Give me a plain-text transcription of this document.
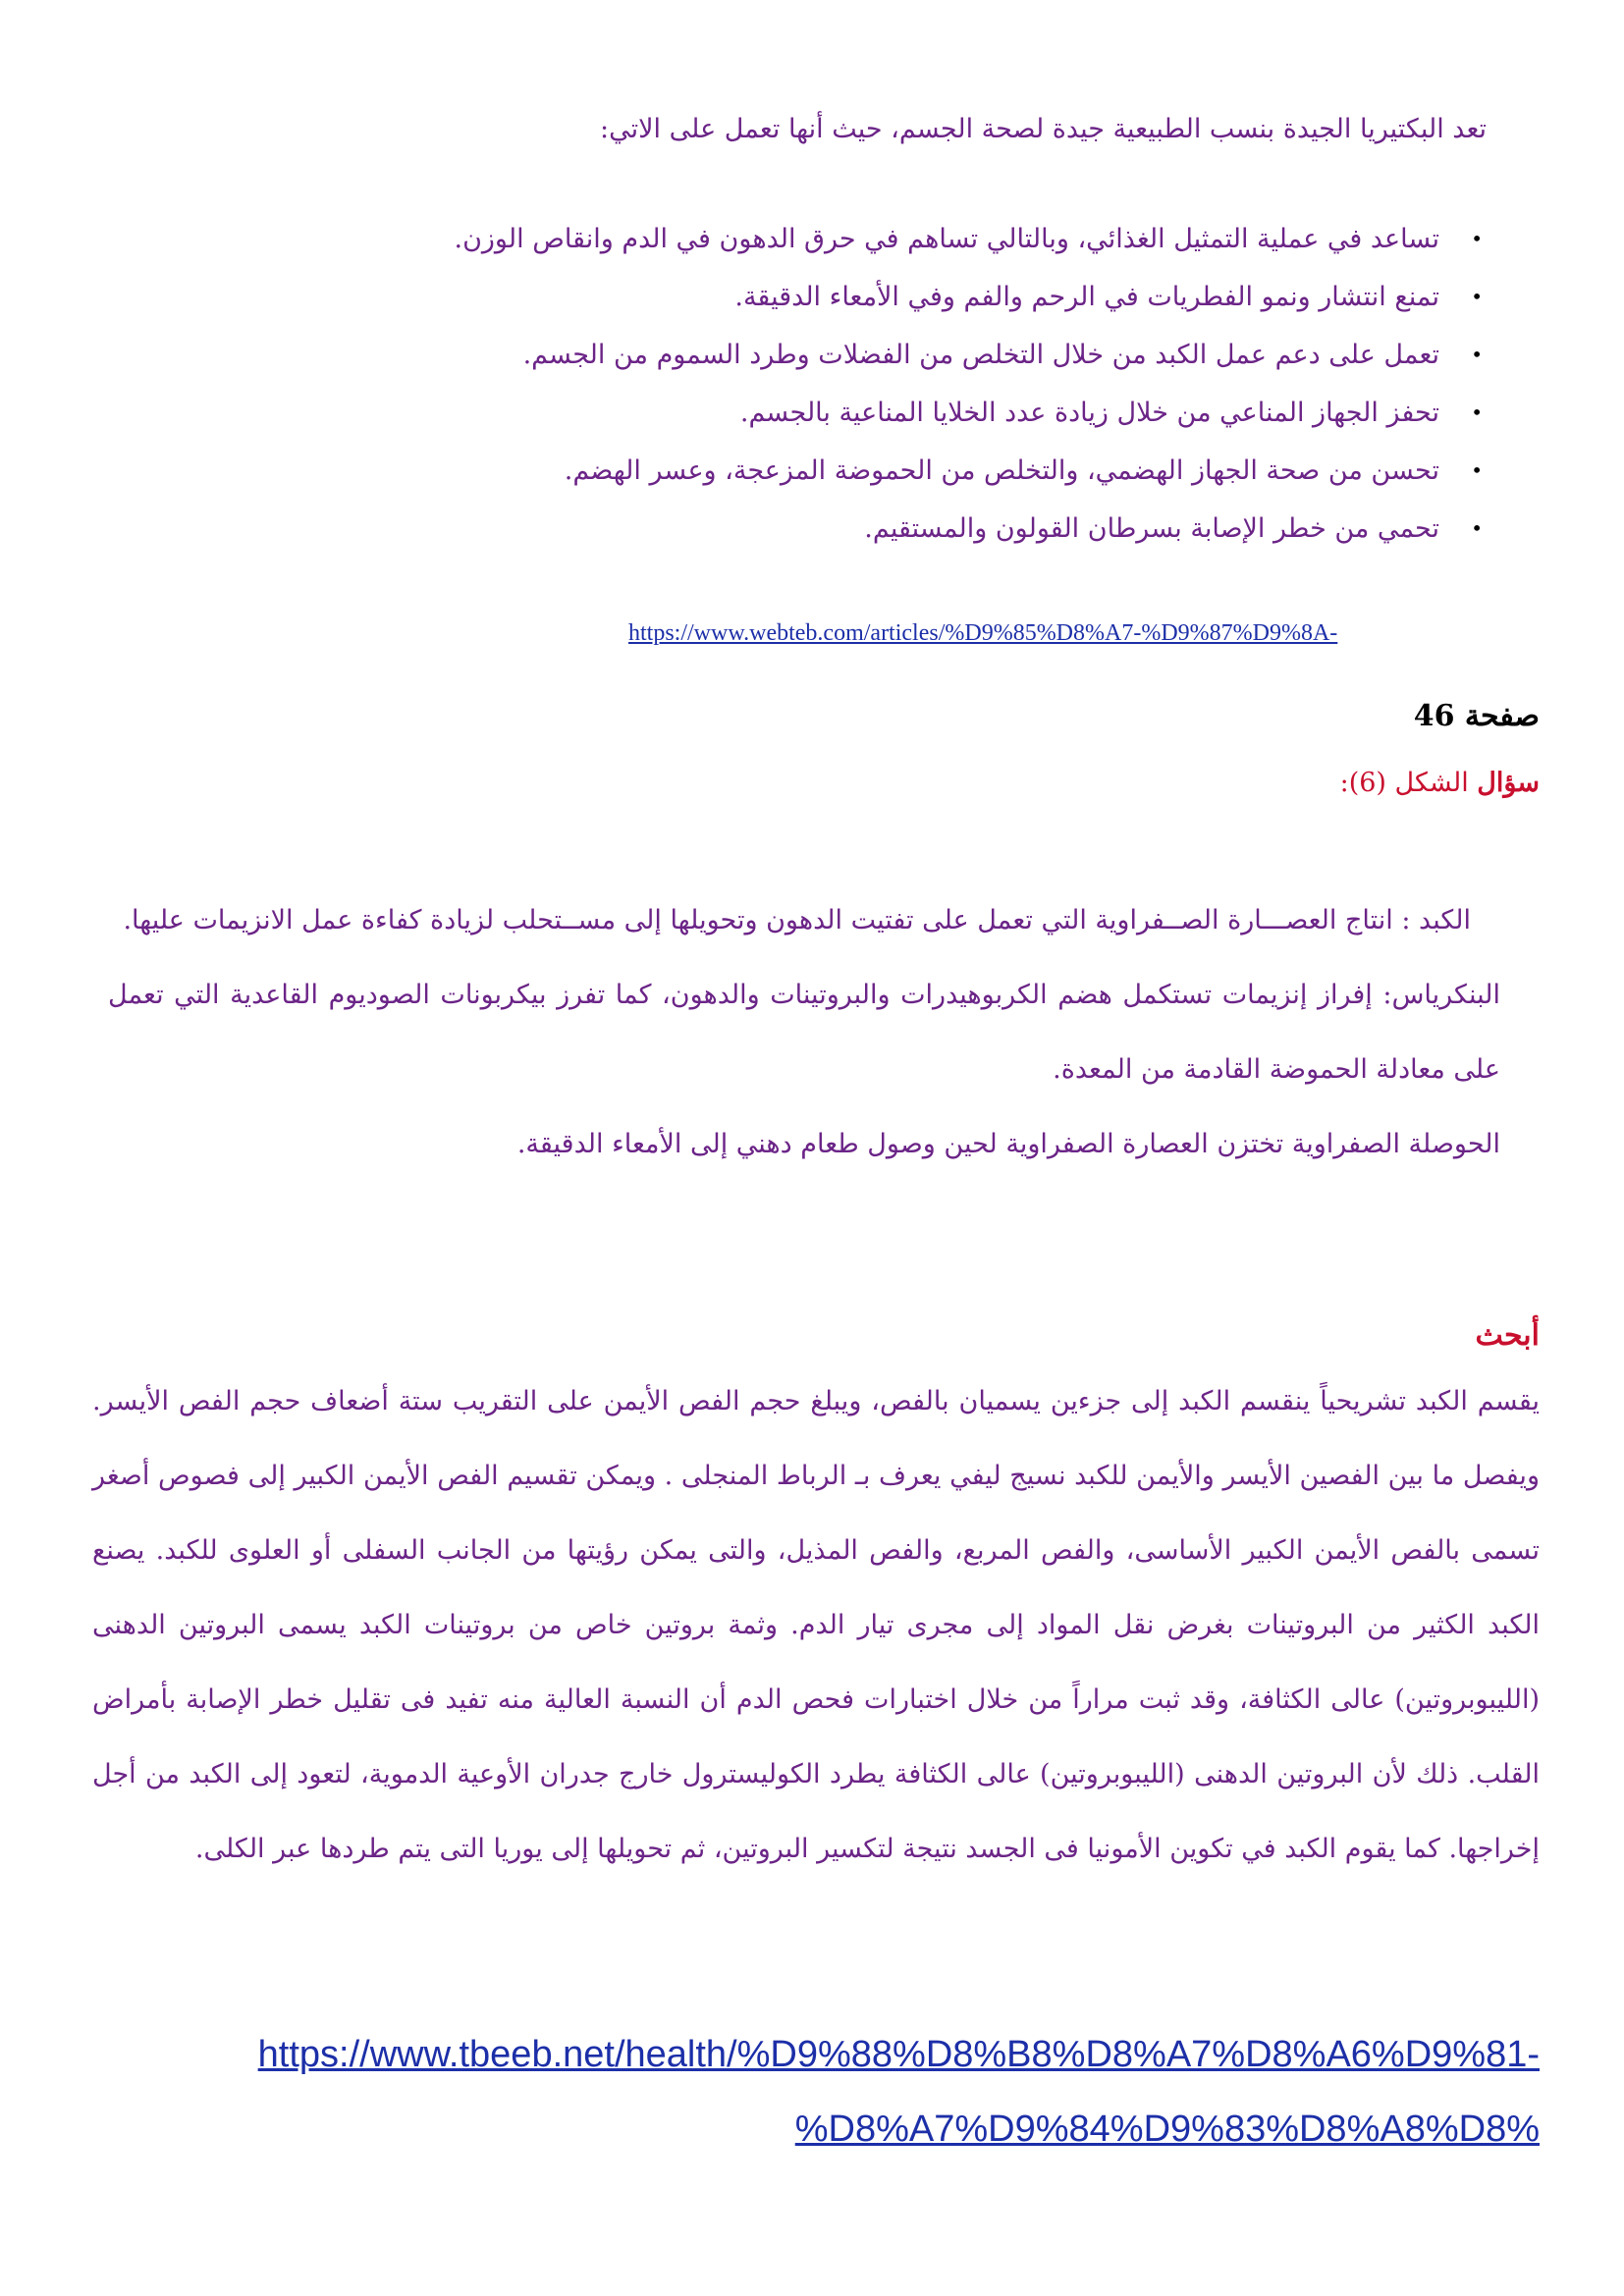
تعد البكتيريا الجيدة بنسب الطبيعية جيدة لصحة الجسم، حيث أنها تعمل على الاتي:

•
تساعد في عملية التمثيل الغذائي، وبالتالي تساهم في حرق الدهون في الدم وانقاص الوزن.
•
تمنع انتشار ونمو الفطريات في الرحم والفم وفي الأمعاء الدقيقة.
•
تعمل على دعم عمل الكبد من خلال التخلص من الفضلات وطرد السموم من الجسم.
•
تحفز الجهاز المناعي من خلال زيادة عدد الخلايا المناعية بالجسم.
•
تحسن من صحة الجهاز الهضمي، والتخلص من الحموضة المزعجة، وعسر الهضم.
•
تحمي من خطر الإصابة بسرطان القولون والمستقيم.
https://www.webteb.com/articles/%D9%85%D8%A7-%D9%87%D9%8A-
صفحة 46
سؤال الشكل (6):
الكبد : انتاج العصـــارة الصــفراوية التي تعمل على تفتيت الدهون وتحويلها إلى مســتحلب لزيادة كفاءة عمل الانزيمات عليها.
البنكرياس: إفراز إنزيمات تستكمل هضم الكربوهيدرات والبروتينات والدهون، كما تفرز بيكربونات الصوديوم القاعدية التي تعمل على معادلة الحموضة القادمة من المعدة.
الحوصلة الصفراوية تختزن العصارة الصفراوية لحين وصول طعام دهني إلى الأمعاء الدقيقة.
أبحث

يقسم الكبد تشريحياً ينقسم الكبد إلى جزءين يسميان بالفص، ويبلغ حجم الفص الأيمن على التقريب ستة أضعاف حجم الفص الأيسر. ويفصل ما بين الفصين الأيسر والأيمن للكبد نسيج ليفي يعرف بـ الرباط المنجلى . ويمكن تقسيم الفص الأيمن الكبير إلى فصوص أصغر تسمى بالفص الأيمن الكبير الأساسى، والفص المربع، والفص المذيل، والتى يمكن رؤيتها من الجانب السفلى أو العلوى للكبد. يصنع الكبد الكثير من البروتينات بغرض نقل المواد إلى مجرى تيار الدم. وثمة بروتين خاص من بروتينات الكبد يسمى البروتين الدهنى (الليبوبروتين) عالى الكثافة، وقد ثبت مراراً من خلال اختبارات فحص الدم أن النسبة العالية منه تفيد فى تقليل خطر الإصابة بأمراض القلب. ذلك لأن البروتين الدهنى (الليبوبروتين) عالى الكثافة يطرد الكوليسترول خارج جدران الأوعية الدموية، لتعود إلى الكبد من أجل إخراجها. كما يقوم الكبد في تكوين الأمونيا فى الجسد نتيجة لتكسير البروتين، ثم تحويلها إلى يوريا التى يتم طردها عبر الكلى.

https://www.tbeeb.net/health/%D9%88%D8%B8%D8%A7%D8%A6%D9%81-
%D8%A7%D9%84%D9%83%D8%A8%D8%
